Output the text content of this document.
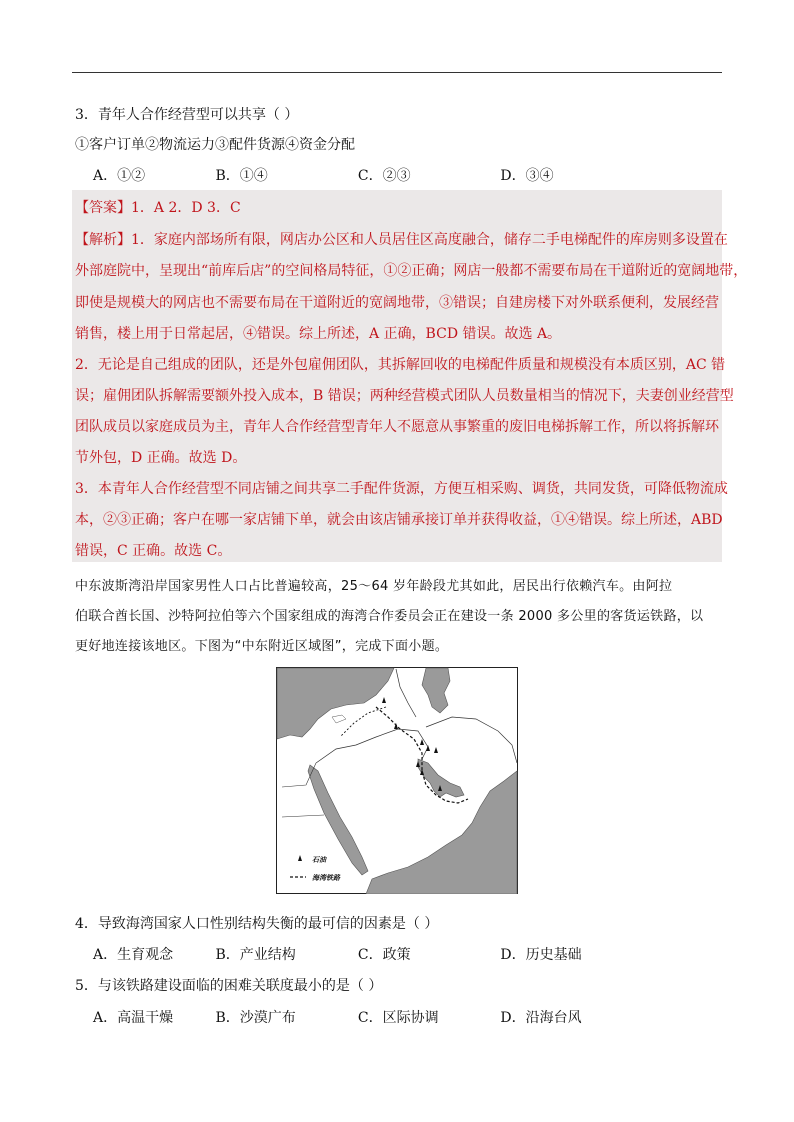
3．青年人合作经营型可以共享（ ）
①客户订单②物流运力③配件货源④资金分配
A．①②	B．①④	C．②③	D．③④
【答案】1．A 2．D 3．C
【解析】1．家庭内部场所有限，网店办公区和人员居住区高度融合，储存二手电梯配件的库房则多设置在
外部庭院中，呈现出“前库后店”的空间格局特征，①②正确；网店一般都不需要布局在干道附近的宽阔地带，
即使是规模大的网店也不需要布局在干道附近的宽阔地带，③错误；自建房楼下对外联系便利，发展经营
销售，楼上用于日常起居，④错误。综上所述，A 正确，BCD 错误。故选 A。
2．无论是自己组成的团队，还是外包雇佣团队，其拆解回收的电梯配件质量和规模没有本质区别，AC 错
误；雇佣团队拆解需要额外投入成本，B 错误；两种经营模式团队人员数量相当的情况下，夫妻创业经营型
团队成员以家庭成员为主，青年人合作经营型青年人不愿意从事繁重的废旧电梯拆解工作，所以将拆解环
节外包，D 正确。故选 D。
3．本青年人合作经营型不同店铺之间共享二手配件货源，方便互相采购、调货，共同发货，可降低物流成
本，②③正确；客户在哪一家店铺下单，就会由该店铺承接订单并获得收益，①④错误。综上所述，ABD
错误，C 正确。故选 C。
中东波斯湾沿岸国家男性人口占比普遍较高，25～64 岁年龄段尤其如此，居民出行依赖汽车。由阿拉
伯联合酋长国、沙特阿拉伯等六个国家组成的海湾合作委员会正在建设一条 2000 多公里的客货运铁路，以
更好地连接该地区。下图为“中东附近区域图”，完成下面小题。
石油
海湾铁路
4．导致海湾国家人口性别结构失衡的最可信的因素是（ ）
A．生育观念	B．产业结构	C．政策	D．历史基础
5．与该铁路建设面临的困难关联度最小的是（ ）
A．高温干燥	B．沙漠广布	C．区际协调	D．沿海台风
